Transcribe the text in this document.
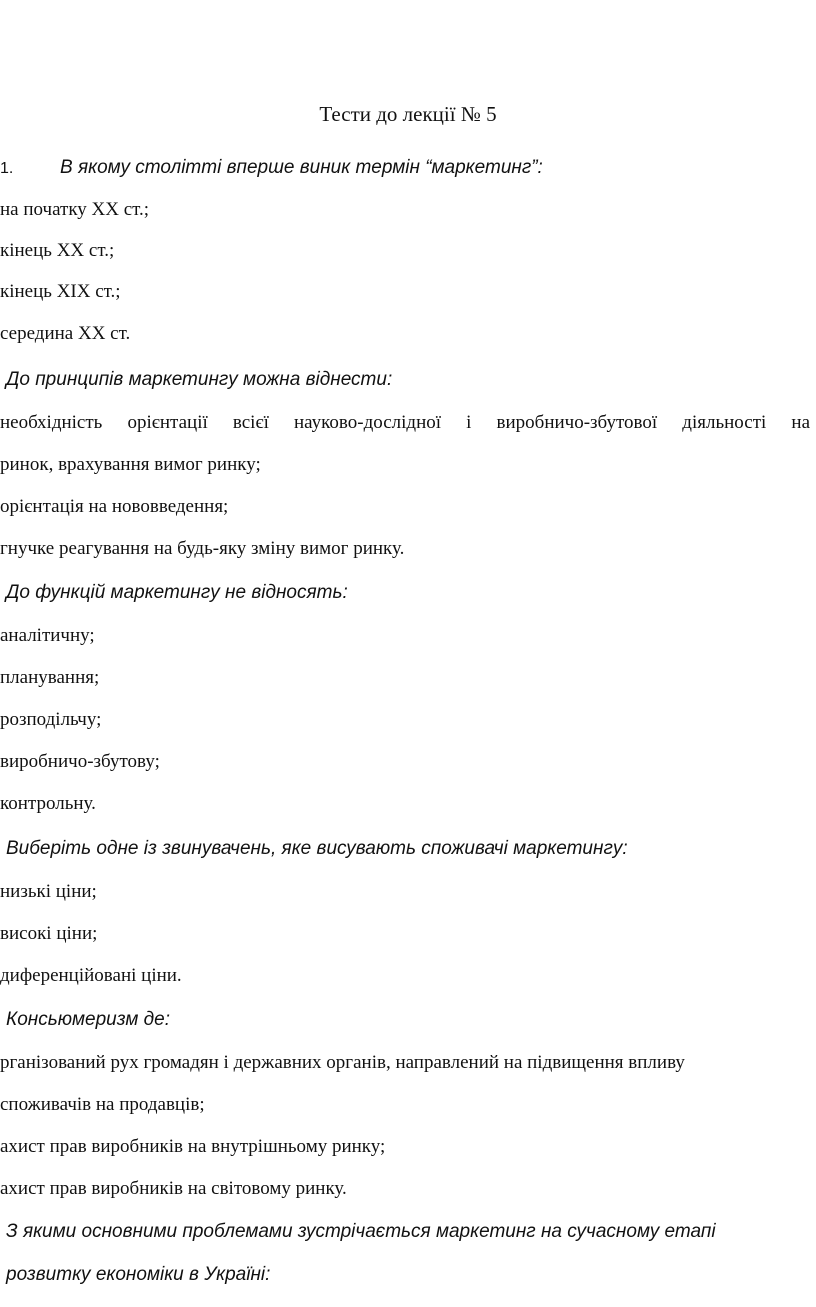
Тести до лекції № 5
1. В якому столітті вперше виник термін “маркетинг”:
на початку ХХ ст.;
кінець ХХ ст.;
кінець ХІХ ст.;
середина ХХ ст.
До принципів маркетингу можна віднести:
необхідність орієнтації всієї науково-дослідної і виробничо-збутової діяльності на
ринок, врахування вимог ринку;
орієнтація на нововведення;
гнучке реагування на будь-яку зміну вимог ринку.
До функцій маркетингу не відносять:
аналітичну;
планування;
розподільчу;
виробничо-збутову;
контрольну.
Виберіть одне із звинувачень, яке висувають споживачі маркетингу:
низькі ціни;
високі ціни;
диференційовані ціни.
Консьюмеризм де:
рганізований рух громадян і державних органів, направлений на підвищення впливу
споживачів на продавців;
ахист прав виробників на внутрішньому ринку;
ахист прав виробників на світовому ринку.
З якими основними проблемами зустрічається маркетинг на сучасному етапі
розвитку економіки в Україні:
